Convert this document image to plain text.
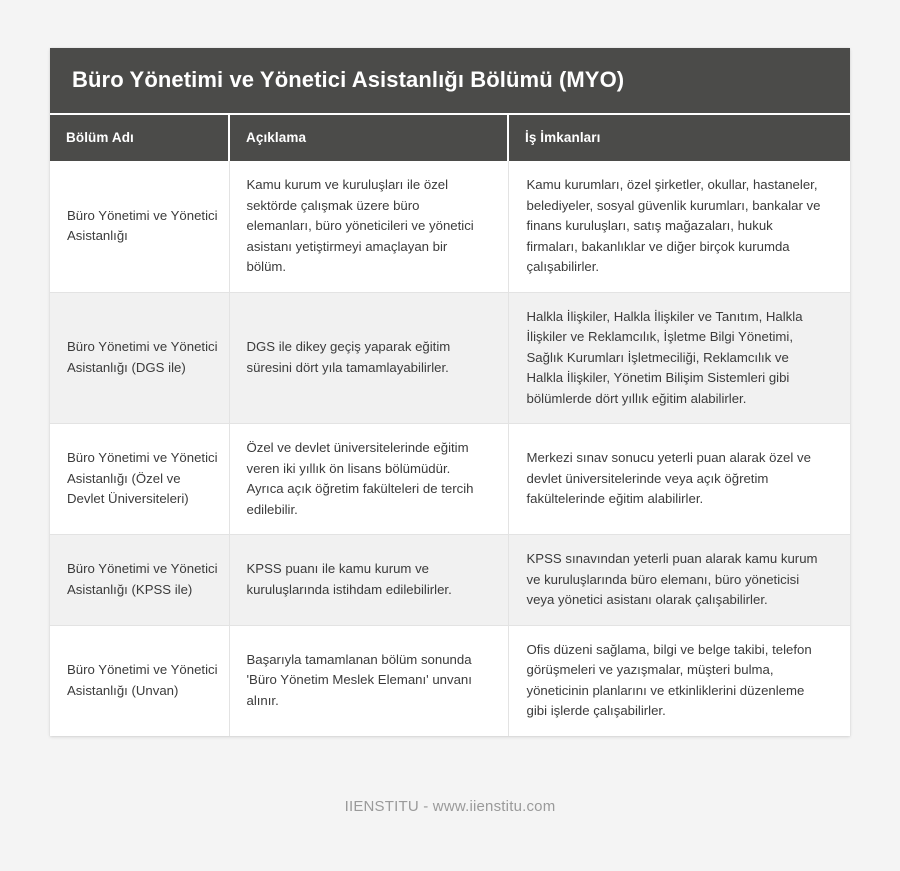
Büro Yönetimi ve Yönetici Asistanlığı Bölümü (MYO)
Bölüm Adı	Açıklama	İş İmkanları
Büro Yönetimi ve Yönetici Asistanlığı	Kamu kurum ve kuruluşları ile özel sektörde çalışmak üzere büro elemanları, büro yöneticileri ve yönetici asistanı yetiştirmeyi amaçlayan bir bölüm.	Kamu kurumları, özel şirketler, okullar, hastaneler, belediyeler, sosyal güvenlik kurumları, bankalar ve finans kuruluşları, satış mağazaları, hukuk firmaları, bakanlıklar ve diğer birçok kurumda çalışabilirler.
Büro Yönetimi ve Yönetici Asistanlığı (DGS ile)	DGS ile dikey geçiş yaparak eğitim süresini dört yıla tamamlayabilirler.	Halkla İlişkiler, Halkla İlişkiler ve Tanıtım, Halkla İlişkiler ve Reklamcılık, İşletme Bilgi Yönetimi, Sağlık Kurumları İşletmeciliği, Reklamcılık ve Halkla İlişkiler, Yönetim Bilişim Sistemleri gibi bölümlerde dört yıllık eğitim alabilirler.
Büro Yönetimi ve Yönetici Asistanlığı (Özel ve Devlet Üniversiteleri)	Özel ve devlet üniversitelerinde eğitim veren iki yıllık ön lisans bölümüdür. Ayrıca açık öğretim fakülteleri de tercih edilebilir.	Merkezi sınav sonucu yeterli puan alarak özel ve devlet üniversitelerinde veya açık öğretim fakültelerinde eğitim alabilirler.
Büro Yönetimi ve Yönetici Asistanlığı (KPSS ile)	KPSS puanı ile kamu kurum ve kuruluşlarında istihdam edilebilirler.	KPSS sınavından yeterli puan alarak kamu kurum ve kuruluşlarında büro elemanı, büro yöneticisi veya yönetici asistanı olarak çalışabilirler.
Büro Yönetimi ve Yönetici Asistanlığı (Unvan)	Başarıyla tamamlanan bölüm sonunda 'Büro Yönetim Meslek Elemanı' unvanı alınır.	Ofis düzeni sağlama, bilgi ve belge takibi, telefon görüşmeleri ve yazışmalar, müşteri bulma, yöneticinin planlarını ve etkinliklerini düzenleme gibi işlerde çalışabilirler.
IIENSTITU - www.iienstitu.com
